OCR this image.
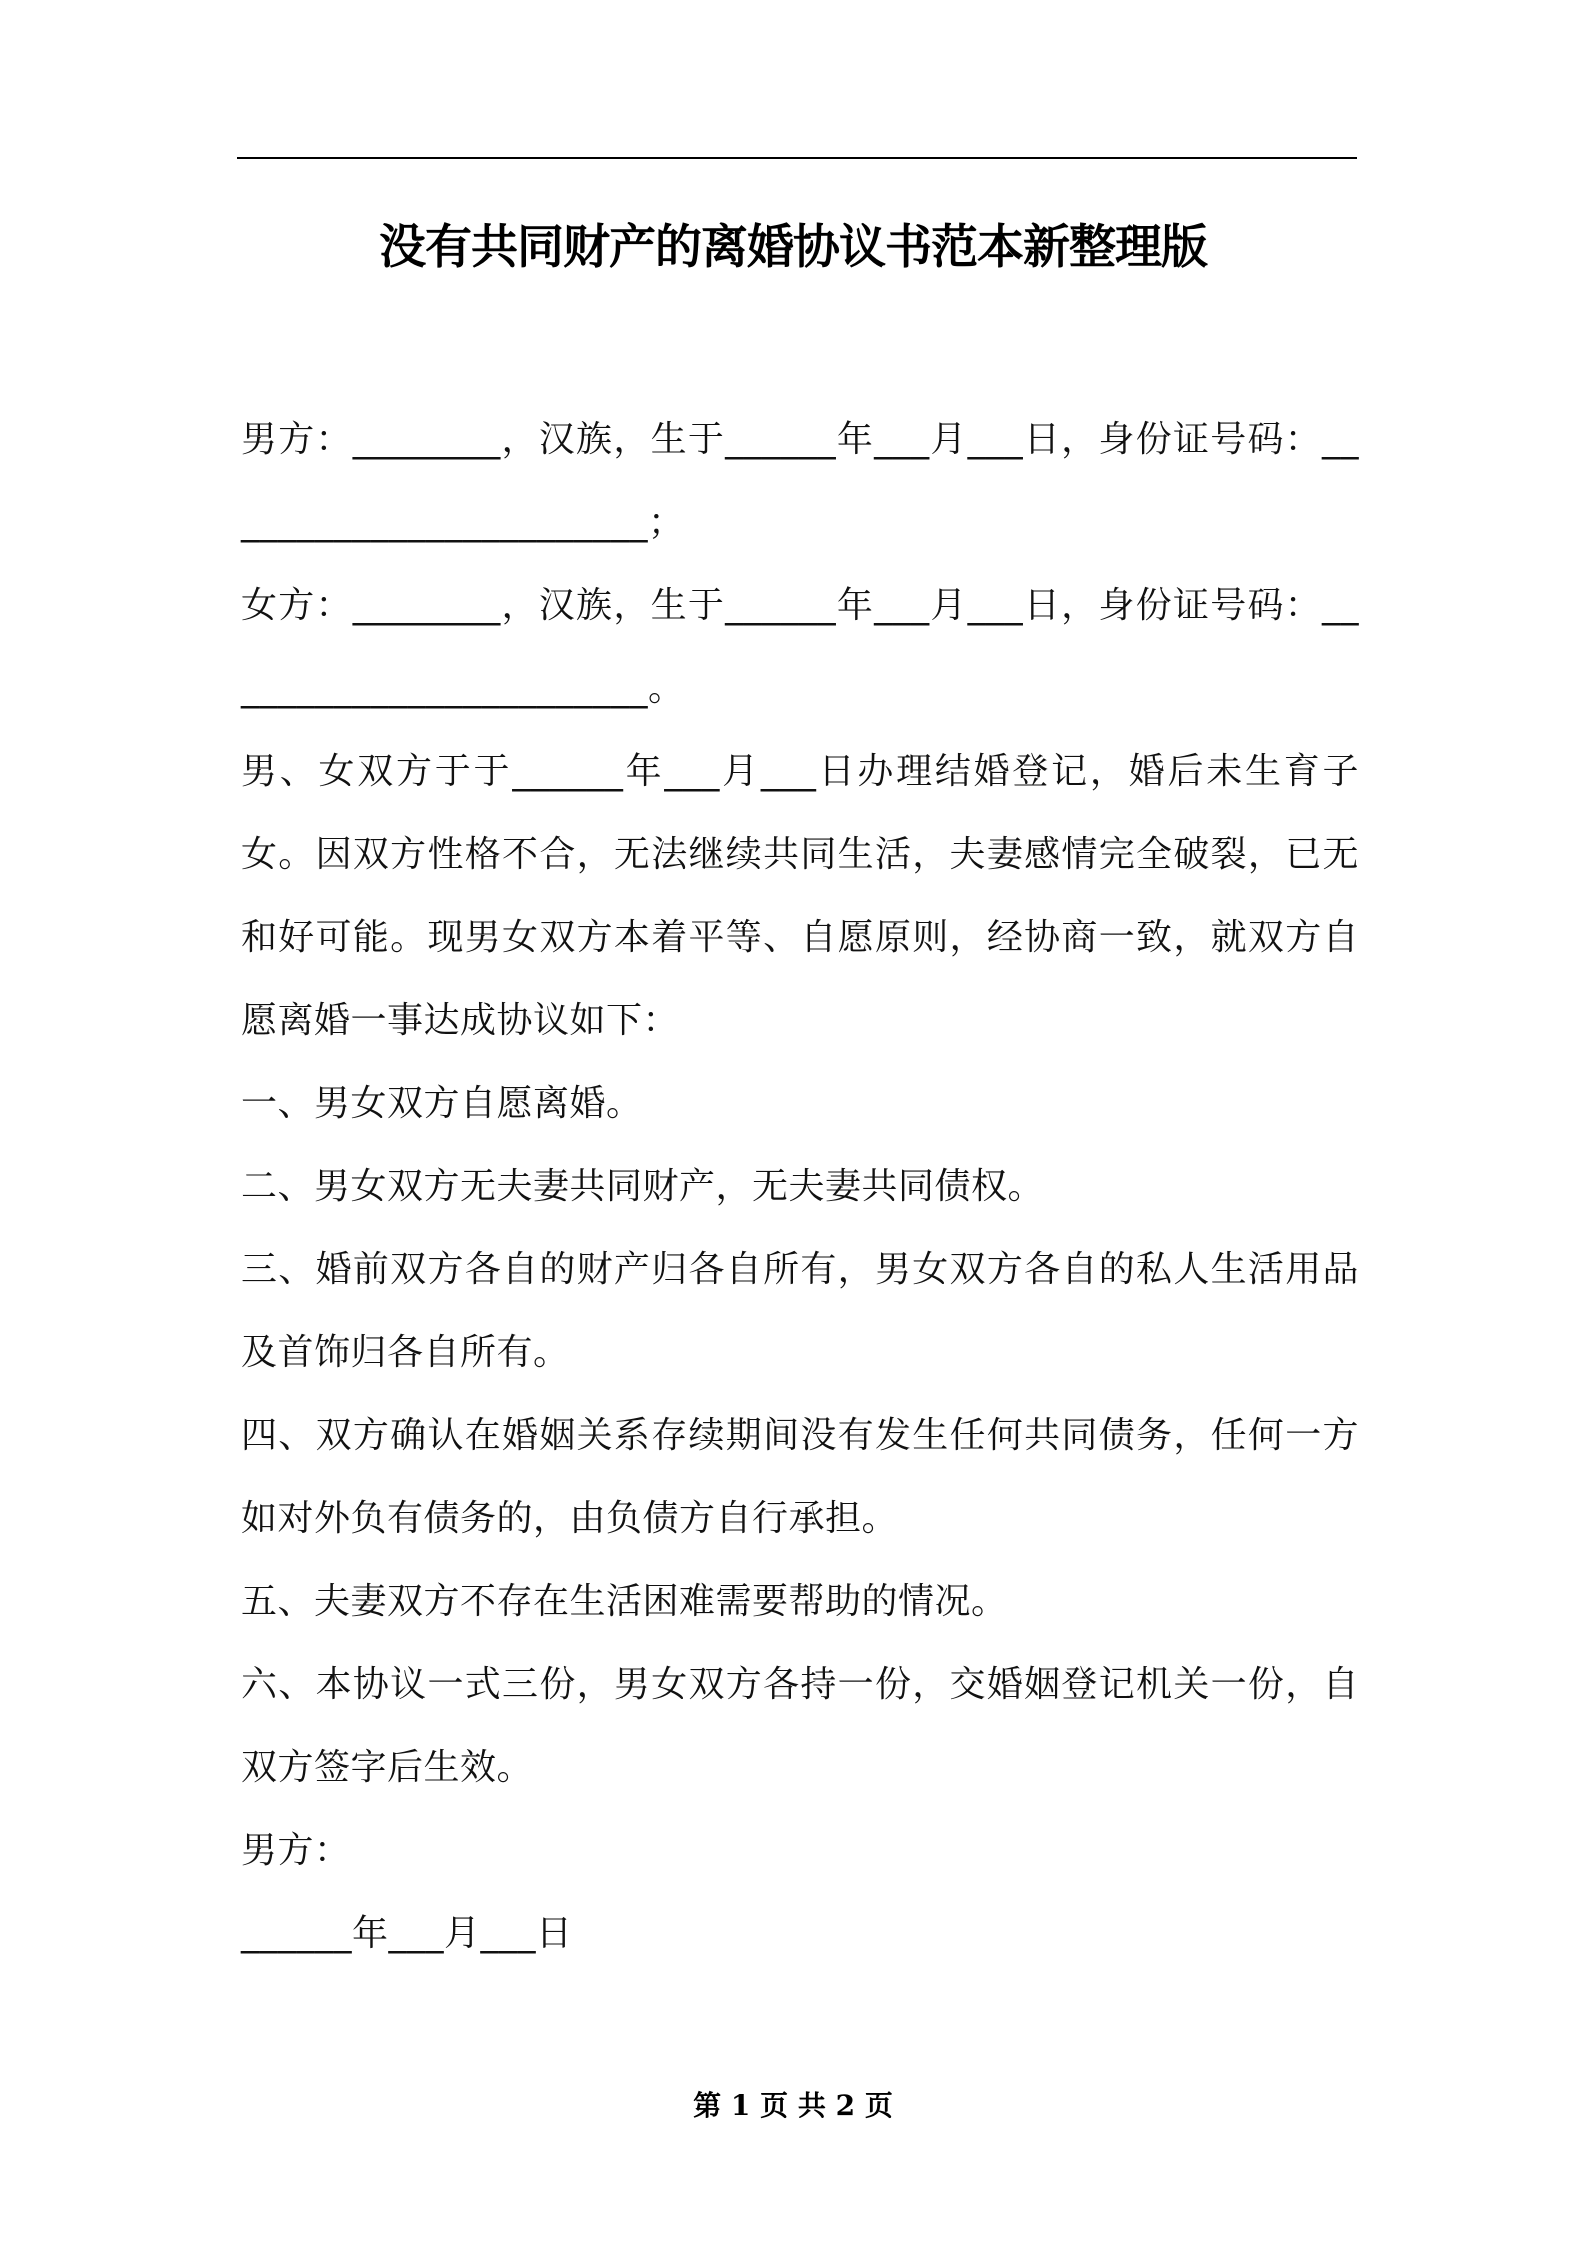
没有共同财产的离婚协议书范本新整理版

男方：________，汉族，生于______年___月___日，身份证号码：________________________；

女方：________，汉族，生于______年___月___日，身份证号码：________________________。

男、女双方于于______年___月___日办理结婚登记，婚后未生育子女。因双方性格不合，无法继续共同生活，夫妻感情完全破裂，已无和好可能。现男女双方本着平等、自愿原则，经协商一致，就双方自愿离婚一事达成协议如下：

一、男女双方自愿离婚。

二、男女双方无夫妻共同财产，无夫妻共同债权。

三、婚前双方各自的财产归各自所有，男女双方各自的私人生活用品及首饰归各自所有。

四、双方确认在婚姻关系存续期间没有发生任何共同债务，任何一方如对外负有债务的，由负债方自行承担。

五、夫妻双方不存在生活困难需要帮助的情况。

六、本协议一式三份，男女双方各持一份，交婚姻登记机关一份，自双方签字后生效。

男方：

______年___月___日

第 1 页 共 2 页
